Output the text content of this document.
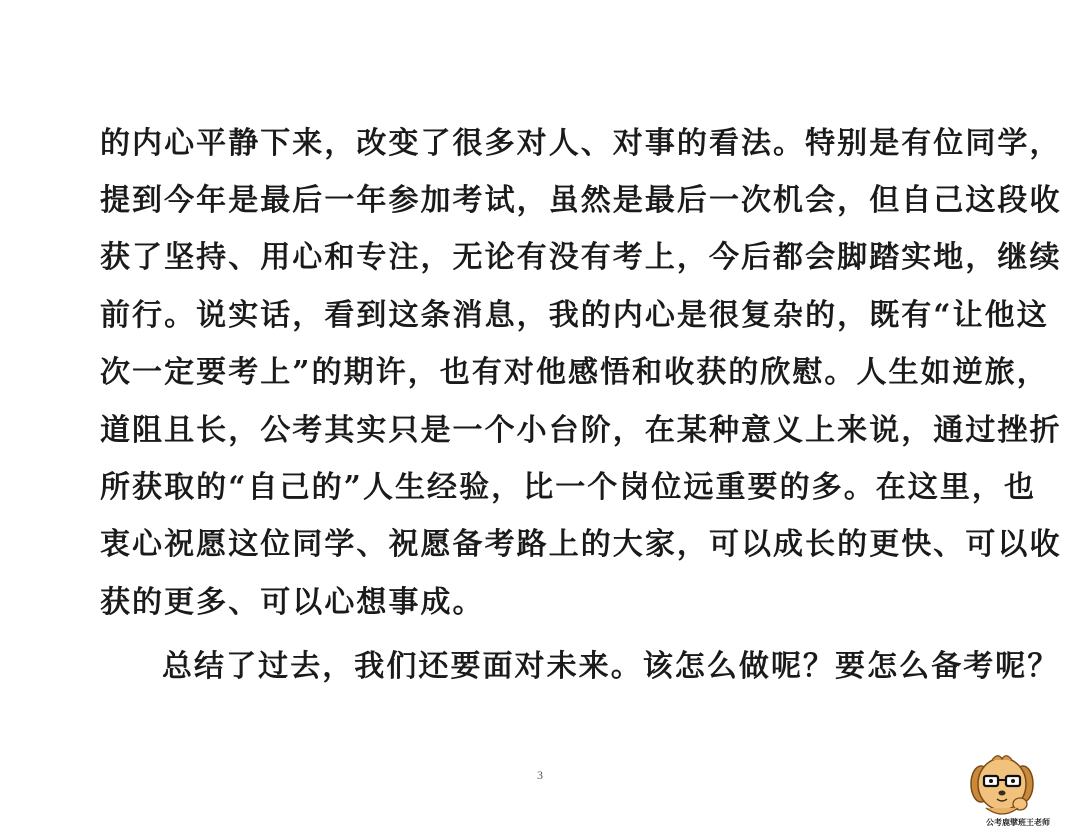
的内心平静下来，改变了很多对人、对事的看法。特别是有位同学，
提到今年是最后一年参加考试，虽然是最后一次机会，但自己这段收
获了坚持、用心和专注，无论有没有考上，今后都会脚踏实地，继续
前行。说实话，看到这条消息，我的内心是很复杂的，既有“让他这
次一定要考上”的期许，也有对他感悟和收获的欣慰。人生如逆旅，
道阻且长，公考其实只是一个小台阶，在某种意义上来说，通过挫折
所获取的“自己的”人生经验，比一个岗位远重要的多。在这里，也
衷心祝愿这位同学、祝愿备考路上的大家，可以成长的更快、可以收
获的更多、可以心想事成。
总结了过去，我们还要面对未来。该怎么做呢？要怎么备考呢？
3
公考鹿擘班王老师
